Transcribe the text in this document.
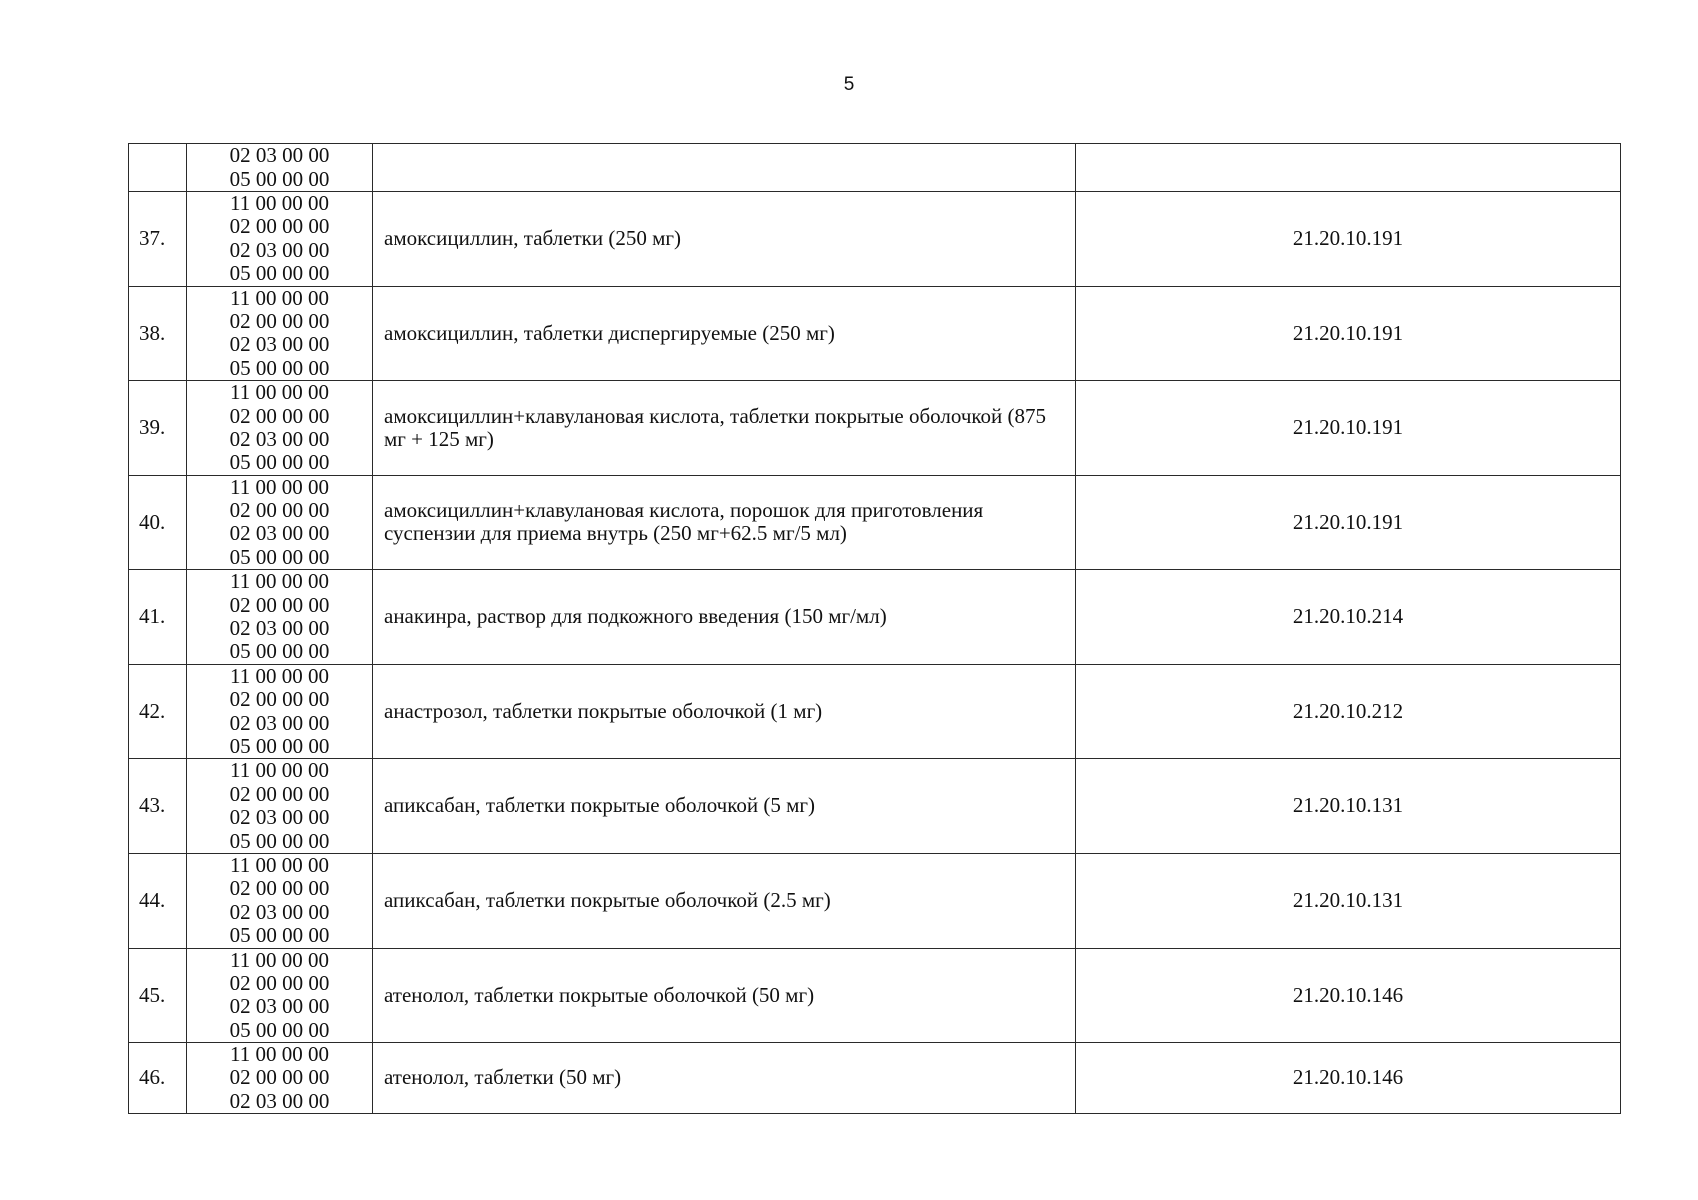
5

	02 03 00 00
05 00 00 00		

37.	11 00 00 00
02 00 00 00
02 03 00 00
05 00 00 00	амоксициллин, таблетки (250 мг)	21.20.10.191
38.	11 00 00 00
02 00 00 00
02 03 00 00
05 00 00 00	амоксициллин, таблетки диспергируемые (250 мг)	21.20.10.191
39.	11 00 00 00
02 00 00 00
02 03 00 00
05 00 00 00	амоксициллин+клавулановая кислота, таблетки покрытые оболочкой (875 мг + 125 мг)	21.20.10.191
40.	11 00 00 00
02 00 00 00
02 03 00 00
05 00 00 00	амоксициллин+клавулановая кислота, порошок для приготовления суспензии для приема внутрь (250 мг+62.5 мг/5 мл)	21.20.10.191
41.	11 00 00 00
02 00 00 00
02 03 00 00
05 00 00 00	анакинра, раствор для подкожного введения (150 мг/мл)	21.20.10.214
42.	11 00 00 00
02 00 00 00
02 03 00 00
05 00 00 00	анастрозол, таблетки покрытые оболочкой (1 мг)	21.20.10.212
43.	11 00 00 00
02 00 00 00
02 03 00 00
05 00 00 00	апиксабан, таблетки покрытые оболочкой (5 мг)	21.20.10.131
44.	11 00 00 00
02 00 00 00
02 03 00 00
05 00 00 00	апиксабан, таблетки покрытые оболочкой (2.5 мг)	21.20.10.131
45.	11 00 00 00
02 00 00 00
02 03 00 00
05 00 00 00	атенолол, таблетки покрытые оболочкой (50 мг)	21.20.10.146
46.	11 00 00 00
02 00 00 00
02 03 00 00	атенолол, таблетки (50 мг)	21.20.10.146
